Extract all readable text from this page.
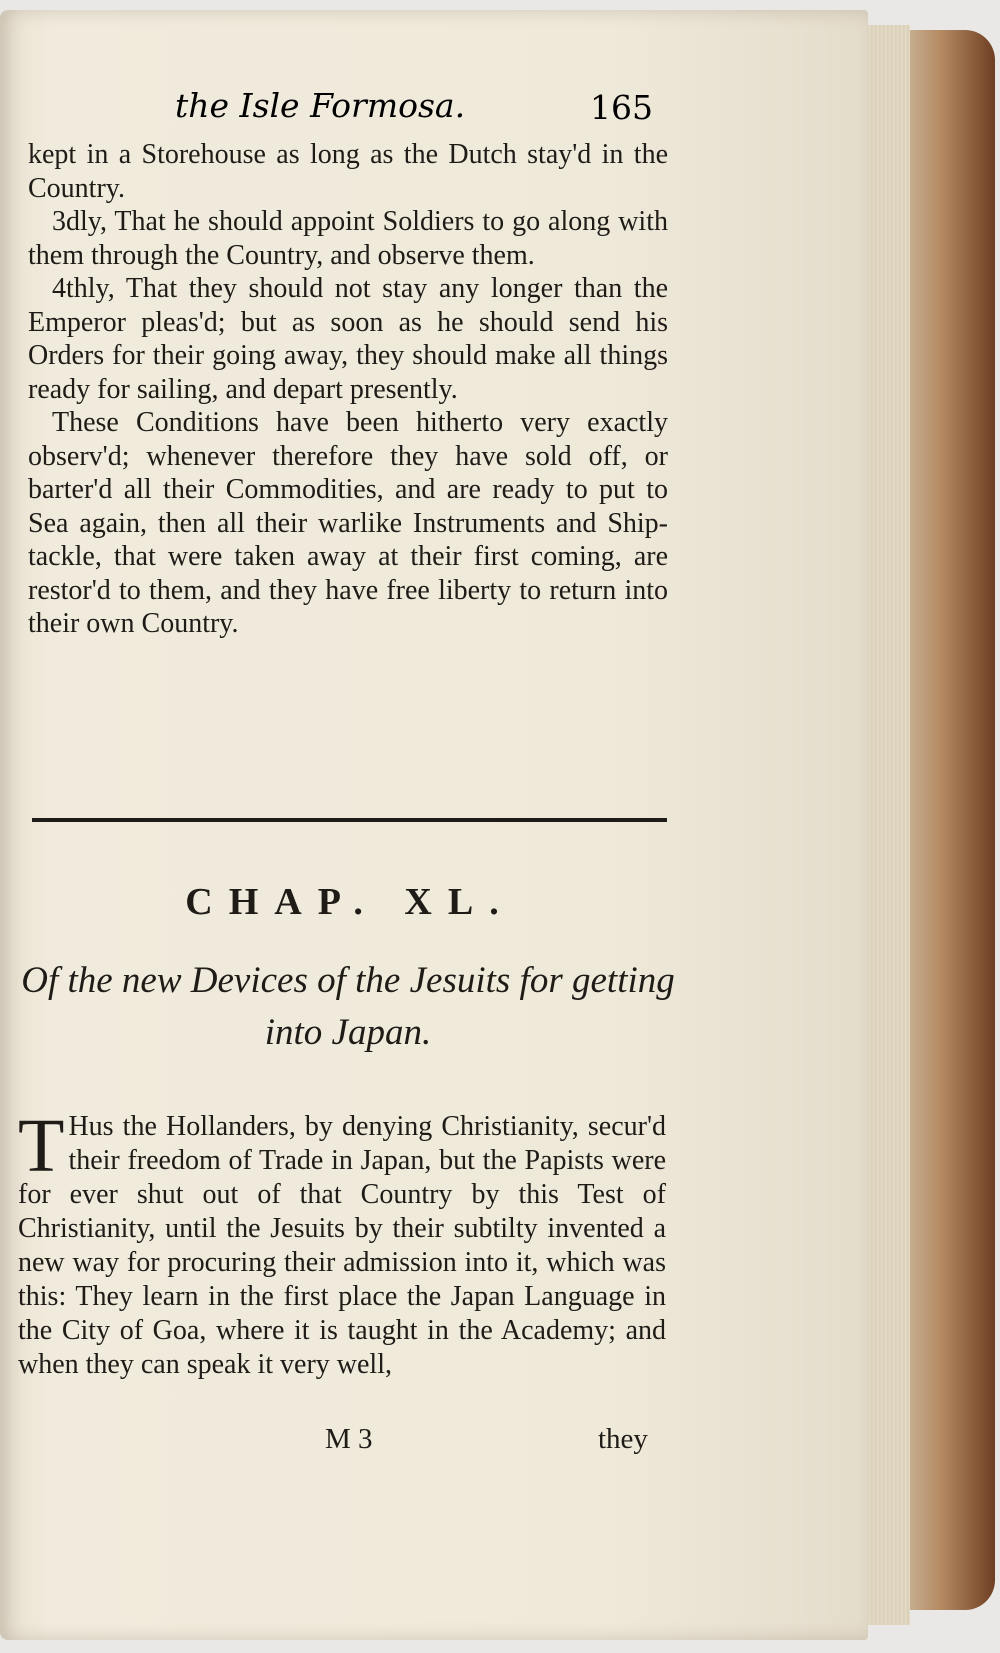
the Isle Formosa.	165

kept in a Storehouse as long as the Dutch stay'd in the Country.

3dly, That he should appoint Soldiers to go along with them through the Country, and observe them.

4thly, That they should not stay any longer than the Emperor pleas'd; but as soon as he should send his Orders for their going away, they should make all things ready for sailing, and depart presently.

These Conditions have been hitherto very exactly observ'd; whenever therefore they have sold off, or barter'd all their Commodities, and are ready to put to Sea again, then all their warlike Instruments and Ship-tackle, that were taken away at their first coming, are restor'd to them, and they have free liberty to return into their own Country.

CHAP. XL.
Of the new Devices of the Jesuits for getting into Japan.

T Hus the Hollanders, by denying Christianity, secur'd their freedom of Trade in Japan, but the Papists were for ever shut out of that Country by this Test of Christianity, until the Jesuits by their subtilty invented a new way for procuring their admission into it, which was this: They learn in the first place the Japan Language in the City of Goa, where it is taught in the Academy; and when they can speak it very well,

M 3	they
